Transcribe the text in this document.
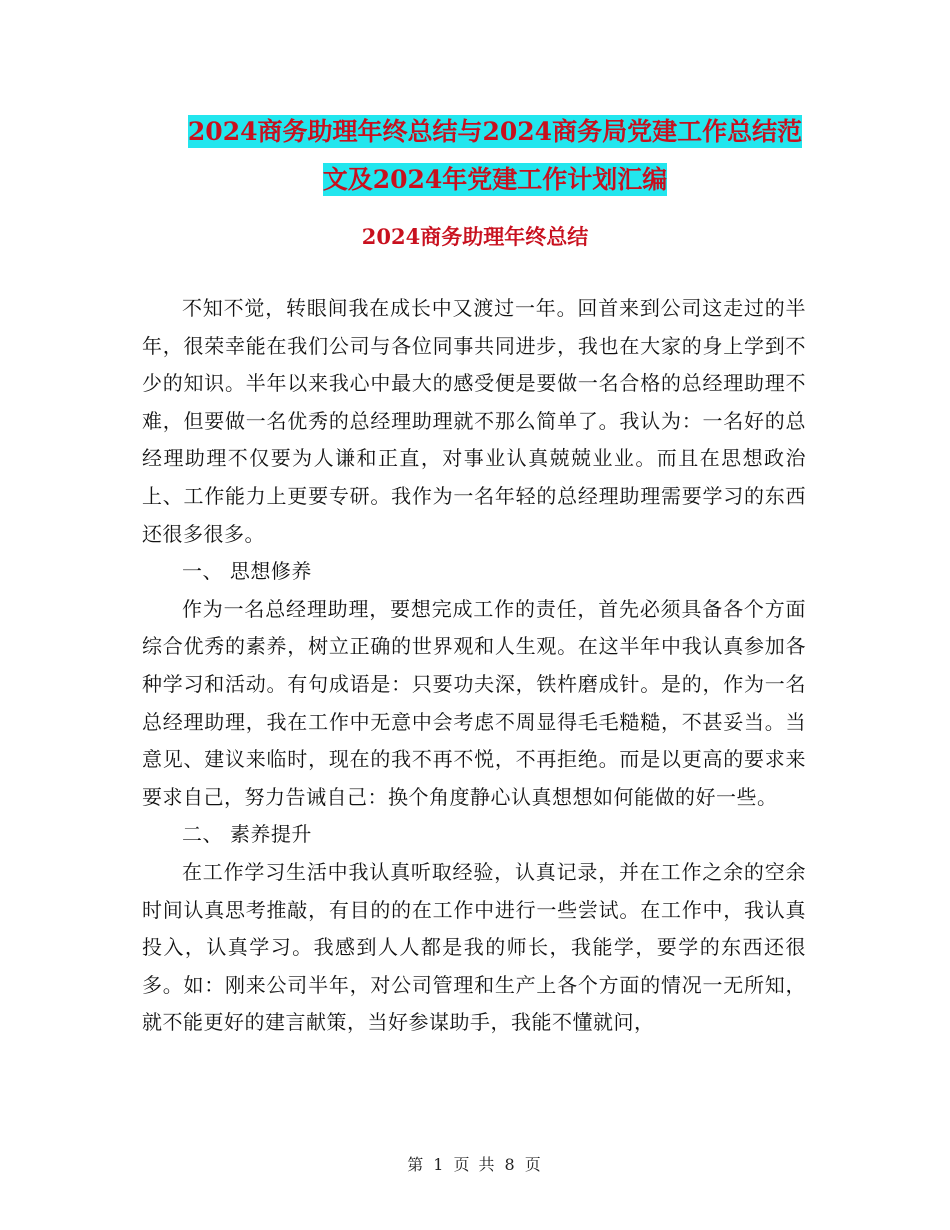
2024商务助理年终总结与2024商务局党建工作总结范
文及2024年党建工作计划汇编
2024商务助理年终总结

不知不觉，转眼间我在成长中又渡过一年。回首来到公司这走过的半年，很荣幸能在我们公司与各位同事共同进步，我也在大家的身上学到不少的知识。半年以来我心中最大的感受便是要做一名合格的总经理助理不难，但要做一名优秀的总经理助理就不那么简单了。我认为：一名好的总经理助理不仅要为人谦和正直，对事业认真兢兢业业。而且在思想政治上、工作能力上更要专研。我作为一名年轻的总经理助理需要学习的东西还很多很多。

一、 思想修养

作为一名总经理助理，要想完成工作的责任，首先必须具备各个方面综合优秀的素养，树立正确的世界观和人生观。在这半年中我认真参加各种学习和活动。有句成语是：只要功夫深，铁杵磨成针。是的，作为一名总经理助理，我在工作中无意中会考虑不周显得毛毛糙糙，不甚妥当。当意见、建议来临时，现在的我不再不悦，不再拒绝。而是以更高的要求来要求自己，努力告诫自己：换个角度静心认真想想如何能做的好一些。

二、 素养提升

在工作学习生活中我认真听取经验，认真记录，并在工作之余的空余时间认真思考推敲，有目的的在工作中进行一些尝试。在工作中，我认真投入，认真学习。我感到人人都是我的师长，我能学，要学的东西还很多。如：刚来公司半年，对公司管理和生产上各个方面的情况一无所知，就不能更好的建言献策，当好参谋助手，我能不懂就问，

第 1 页 共 8 页
